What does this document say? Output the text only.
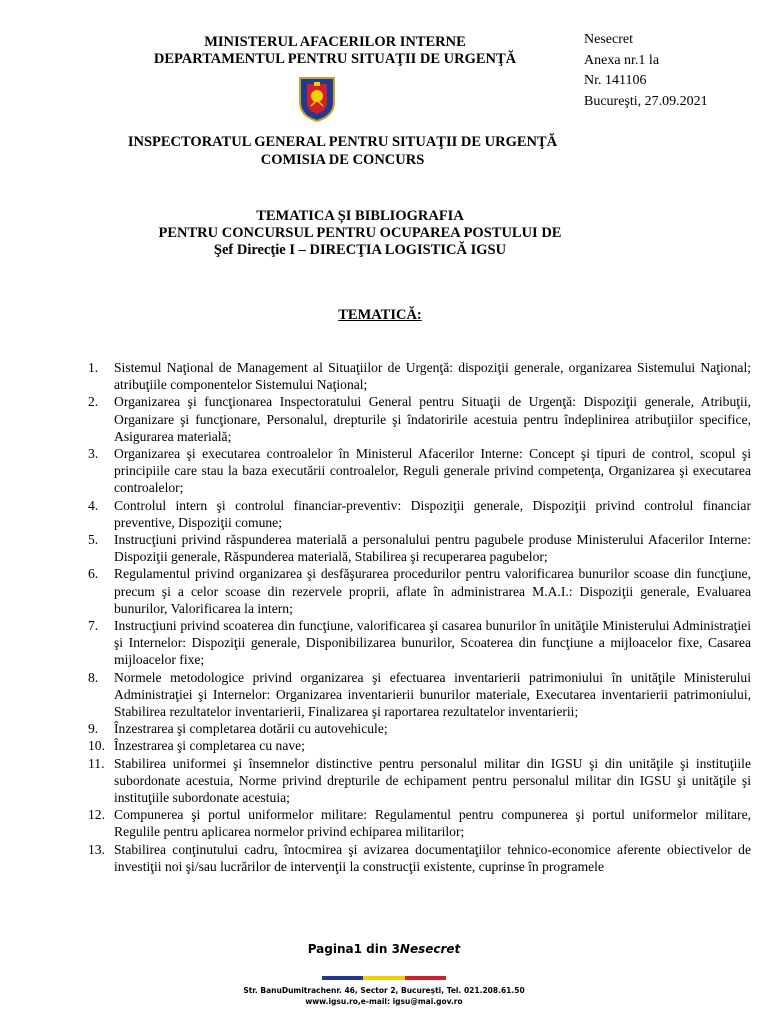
MINISTERUL AFACERILOR INTERNE
DEPARTAMENTUL PENTRU SITUAŢII DE URGENŢĂ
Nesecret
Anexa nr.1 la
Nr. 141106
Bucureşti, 27.09.2021
INSPECTORATUL GENERAL PENTRU SITUAŢII DE URGENŢĂ
COMISIA DE CONCURS
TEMATICA ȘI BIBLIOGRAFIA
PENTRU CONCURSUL PENTRU OCUPAREA POSTULUI DE
Şef Direcţie I – DIRECŢIA LOGISTICĂ IGSU
TEMATICĂ:
1. Sistemul Naţional de Management al Situaţiilor de Urgenţă: dispoziţii generale, organizarea Sistemului Naţional; atribuţiile componentelor Sistemului Naţional;
2. Organizarea şi funcţionarea Inspectoratului General pentru Situaţii de Urgenţă: Dispoziţii generale, Atribuţii, Organizare şi funcţionare, Personalul, drepturile şi îndatoririle acestuia pentru îndeplinirea atribuţiilor specifice, Asigurarea materială;
3. Organizarea şi executarea controalelor în Ministerul Afacerilor Interne: Concept şi tipuri de control, scopul şi principiile care stau la baza executării controalelor, Reguli generale privind competenţa, Organizarea şi executarea controalelor;
4. Controlul intern şi controlul financiar-preventiv: Dispoziţii generale, Dispoziţii privind controlul financiar preventive, Dispoziţii comune;
5. Instrucţiuni privind răspunderea materială a personalului pentru pagubele produse Ministerului Afacerilor Interne: Dispoziţii generale, Răspunderea materială, Stabilirea şi recuperarea pagubelor;
6. Regulamentul privind organizarea şi desfăşurarea procedurilor pentru valorificarea bunurilor scoase din funcţiune, precum şi a celor scoase din rezervele proprii, aflate în administrarea M.A.I.: Dispoziţii generale, Evaluarea bunurilor, Valorificarea la intern;
7. Instrucţiuni privind scoaterea din funcţiune, valorificarea şi casarea bunurilor în unităţile Ministerului Administraţiei şi Internelor: Dispoziţii generale, Disponibilizarea bunurilor, Scoaterea din funcţiune a mijloacelor fixe, Casarea mijloacelor fixe;
8. Normele metodologice privind organizarea şi efectuarea inventarierii patrimoniului în unităţile Ministerului Administraţiei şi Internelor: Organizarea inventarierii bunurilor materiale, Executarea inventarierii patrimoniului, Stabilirea rezultatelor inventarierii, Finalizarea şi raportarea rezultatelor inventarierii;
9. Înzestrarea şi completarea dotării cu autovehicule;
10. Înzestrarea şi completarea cu nave;
11. Stabilirea uniformei şi însemnelor distinctive pentru personalul militar din IGSU şi din unităţile şi instituţiile subordonate acestuia, Norme privind drepturile de echipament pentru personalul militar din IGSU şi unităţile şi instituţiile subordonate acestuia;
12. Compunerea şi portul uniformelor militare: Regulamentul pentru compunerea şi portul uniformelor militare, Regulile pentru aplicarea normelor privind echiparea militarilor;
13. Stabilirea conţinutului cadru, întocmirea şi avizarea documentaţiilor tehnico-economice aferente obiectivelor de investiţii noi şi/sau lucrărilor de intervenţii la construcţii existente, cuprinse în programele
Pagina1 din 3Nesecret
Str. BanuDumitrachenr. 46, Sector 2, Bucureşti, Tel. 021.208.61.50
www.igsu.ro,e-mail: igsu@mai.gov.ro
